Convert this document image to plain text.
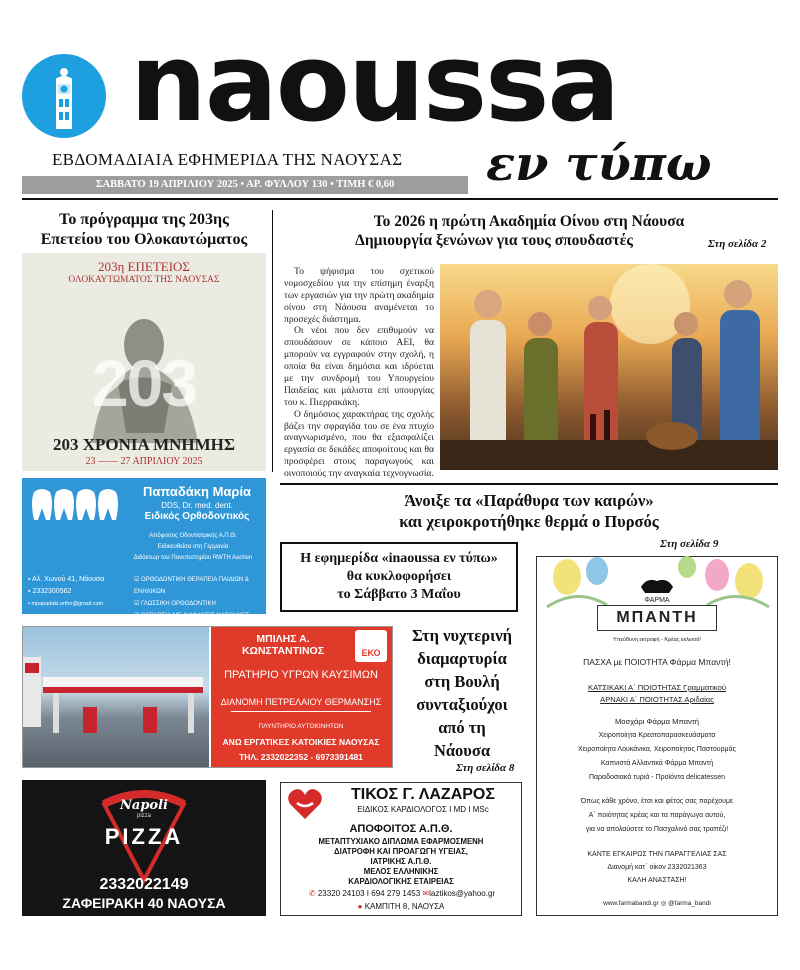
naoussa
ΕΒΔΟΜΑΔΙΑΙΑ ΕΦΗΜΕΡΙΔΑ ΤΗΣ ΝΑΟΥΣΑΣ εν τύπω
ΣΑΒΒΑΤΟ 19 ΑΠΡΙΛΙΟΥ 2025 • ΑΡ. ΦΥΛΛΟΥ 130 • ΤΙΜΗ € 0,60
Το πρόγραμμα της 203ης
Επετείου του Ολοκαυτώματος
203η ΕΠΕΤΕΙΟΣ
ΟΛΟΚΑΥΤΩΜΑΤΟΣ ΤΗΣ ΝΑΟΥΣΑΣ
203
203 ΧΡΟΝΙΑ ΜΝΗΜΗΣ
23 —— 27 ΑΠΡΙΛΙΟΥ 2025
Το 2026 η πρώτη Ακαδημία Οίνου στη Νάουσα
Δημιουργία ξενώνων για τους σπουδαστές	Στη σελίδα 2

Το ψήφισμα του σχετικού νομοσχεδίου για την επίσημη έναρξη των εργασιών για την πρώτη ακαδημία οίνου στη Νάουσα αναμένεται το προσεχές διάστημα.

Οι νέοι που δεν επιθυμούν να σπουδάσουν σε κάποιο ΑΕΙ, θα μπορούν να εγγραφούν στην σχολή, η οποία θα είναι δημόσια και ιδρύεται με την συνδρομή του Υπουργείου Παιδείας και μάλιστα επί υπουργίας του κ. Πιερρακάκη.

Ο δημόσιος χαρακτήρας της σχολής βάζει την σφραγίδα του σε ένα πτυχίο αναγνωρισμένο, που θα εξασφαλίζει εργασία σε δεκάδες αποφοίτους και θα προσφέρει στους παραγωγούς και οινοποιούς την αναγκαία τεχνογνωσία.

Παπαδάκη Μαρία
DDS, Dr. med. dent.
Ειδικός Ορθοδοντικός
Απόφοιτος Οδοντιατρικής Α.Π.Θ.
Ειδικευθείσα στη Γερμανία
Διδάκτωρ του Πανεπιστημίου RWTH Aachen
▪ Αλ. Χωνού 41, Νάουσα
▪ 2332300562
▪ mpapadaki.ortho@gmail.com
☑ ΟΡΘΟΔΟΝΤΙΚΗ ΘΕΡΑΠΕΙΑ ΠΑΙΔΙΩΝ & ΕΝΗΛΙΚΩΝ
☑ ΓΛΩΣΣΙΚΗ ΟΡΘΟΔΟΝΤΙΚΗ
☑ ΘΕΡΑΠΕΙΑ ΜΕ ΔΙΑΦΑΝΕΙΣ ΝΑΡΘΗΚΕΣ
Άνοιξε τα «Παράθυρα των καιρών»
και χειροκροτήθηκε θερμά ο Πυρσός
Στη σελίδα 9
Η εφημερίδα «inaoussa εν τύπω»
θα κυκλοφορήσει
το Σάββατο 3 Μαΐου
ΜΠΙΛΗΣ Α. ΚΩΝΣΤΑΝΤΙΝΟΣ	ΕΚΟ
ΠΡΑΤΗΡΙΟ ΥΓΡΩΝ ΚΑΥΣΙΜΩΝ
ΔΙΑΝΟΜΗ ΠΕΤΡΕΛΑΙΟΥ ΘΕΡΜΑΝΣΗΣ
ΠΛΥΝΤΗΡΙΟ ΑΥΤΟΚΙΝΗΤΩΝ
ΑΝΩ ΕΡΓΑΤΙΚΕΣ ΚΑΤΟΙΚΙΕΣ ΝΑΟΥΣΑΣ
ΤΗΛ. 2332022352 - 6973391481
Στη νυχτερινή
διαμαρτυρία
στη Βουλή
συνταξιούχοι
από τη
Νάουσα
Στη σελίδα 8
ΦΑΡΜΑ
ΜΠΑΝΤΗ
Υπεύθυνη εκτροφή - Κρέας εκλεκτό!
ΠΑΣΧΑ με ΠΟΙΟΤΗΤΑ Φάρμα Μπαντή!
ΚΑΤΣΙΚΑΚΙ Α΄ ΠΟΙΟΤΗΤΑΣ Γραμματικού
ΑΡΝΑΚΙ Α΄ ΠΟΙΟΤΗΤΑΣ Αριδαίας
Μοσχάρι Φάρμα Μπαντή
Χειροποίητα Κρεατοπαρασκευάσματα
Χειροποίητα Λουκάνικα, Χειροποίητος Παστουρμάς
Καπνιστά Αλλαντικά Φάρμα Μπαντή
Παραδοσιακά τυριά - Προϊόντα delicatessen
Όπως κάθε χρόνο, έτσι και φέτος σας παρέχουμε
Α΄ ποιότητας κρέας και τα παράγωγα αυτού,
για να απολαύσετε το Πασχαλινό σας τραπέζι!
ΚΑΝΤΕ ΕΓΚΑΙΡΩΣ ΤΗΝ ΠΑΡΑΓΓΕΛΙΑΣ ΣΑΣ
Διανομή κατ΄ οίκον 2332021363
ΚΑΛΗ ΑΝΑΣΤΑΣΗ!
www.farmabandi.gr ◎ @farma_bandi
Napoli
pizza
PIZZA
2332022149
ΖΑΦΕΙΡΑΚΗ 40 ΝΑΟΥΣΑ
ΤΙΚΟΣ Γ. ΛΑΖΑΡΟΣ
ΕΙΔΙΚΟΣ ΚΑΡΔΙΟΛΟΓΟΣ I MD I MSc
ΑΠΟΦΟΙΤΟΣ Α.Π.Θ.
ΜΕΤΑΠΤΥΧΙΑΚΟ ΔΙΠΛΩΜΑ ΕΦΑΡΜΟΣΜΕΝΗ
ΔΙΑΤΡΟΦΗ ΚΑΙ ΠΡΟΑΓΩΓΗ ΥΓΕΙΑΣ,
ΙΑΤΡΙΚΗΣ Α.Π.Θ.
ΜΕΛΟΣ ΕΛΛΗΝΙΚΗΣ
ΚΑΡΔΙΟΛΟΓΙΚΗΣ ΕΤΑΙΡΕΙΑΣ
✆ 23320 24103 I 694 279 1453 ✉laztikos@yahoo.gr
● ΚΑΜΠΙΤΗ 8, ΝΑΟΥΣΑ
